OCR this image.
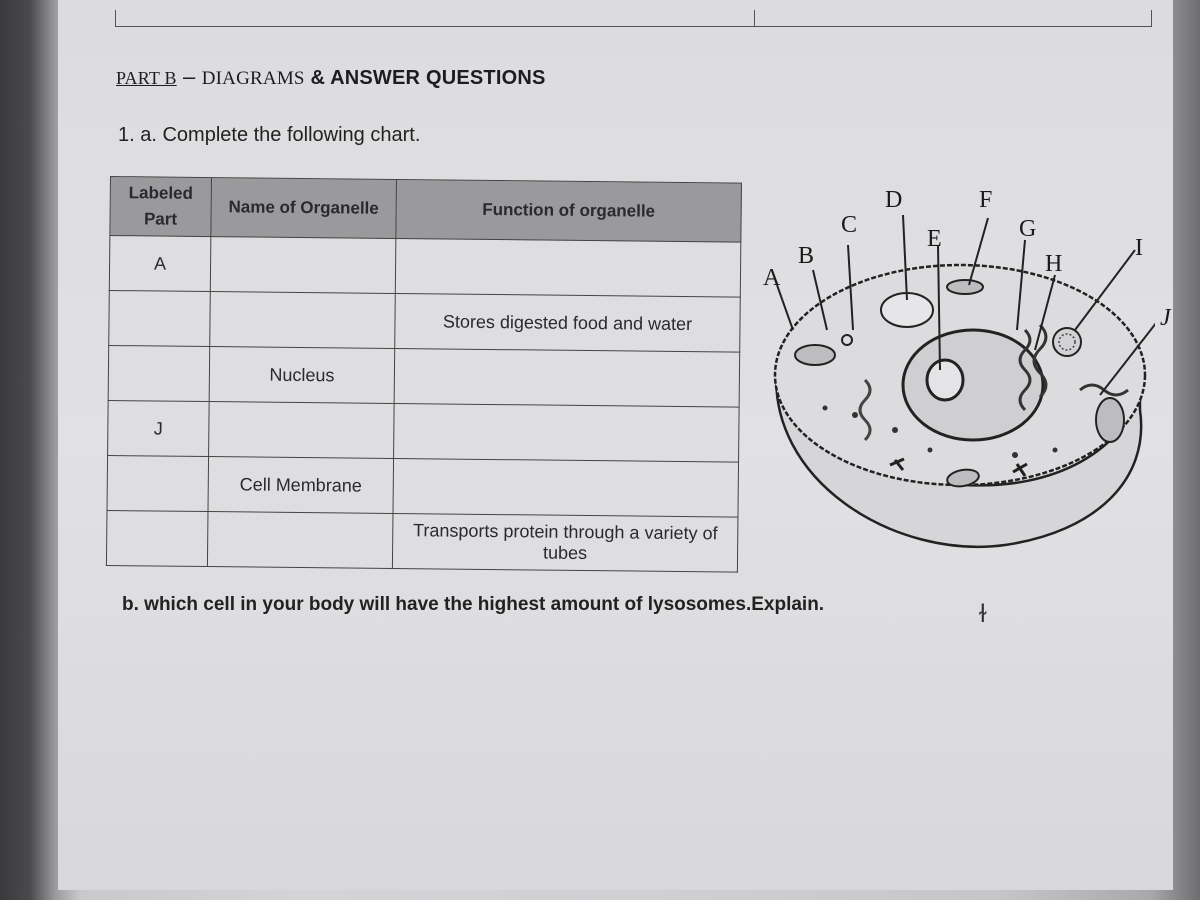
PART B – DIAGRAMS & ANSWER QUESTIONS
1. a. Complete the following chart.
Labeled Part	Name of Organelle	Function of organelle
A		
		Stores digested food and water
	Nucleus	
J		
	Cell Membrane	
		Transports protein through a variety of tubes
A
B
C
D
E
F
G
H
I
J
b. which cell in your body will have the highest amount of lysosomes.Explain.	ɫ
